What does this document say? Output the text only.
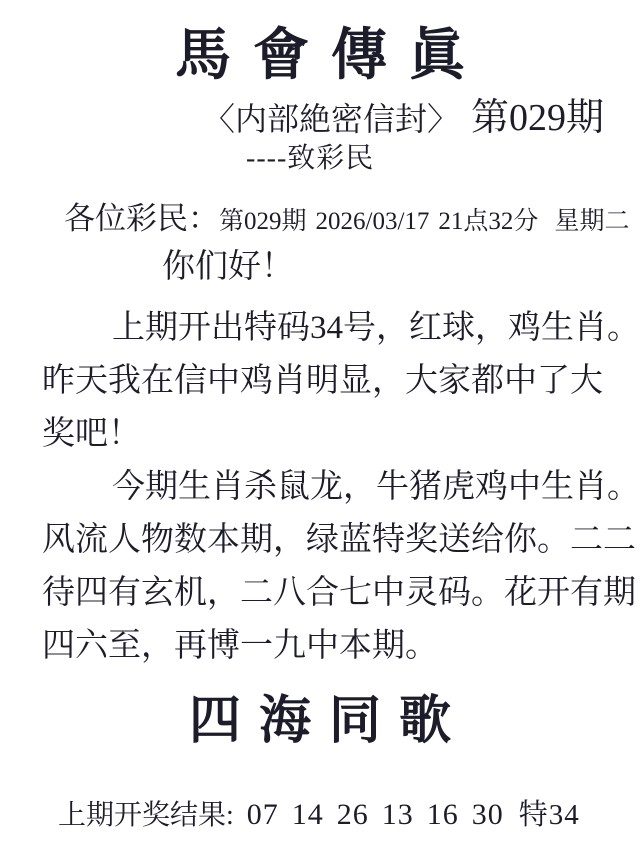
馬會傳眞
〈内部絶密信封〉 第029期
----致彩民
各位彩民：第029期 2026/03/17 21点32分 星期二
你们好！
上期开出特码34号，红球，鸡生肖。
昨天我在信中鸡肖明显，大家都中了大
奖吧！
今期生肖杀鼠龙，牛猪虎鸡中生肖。
风流人物数本期，绿蓝特奖送给你。二二
待四有玄机，二八合七中灵码。花开有期
四六至，再博一九中本期。
四海同歌
上期开奖结果: 07 14 26 13 16 30 特34
